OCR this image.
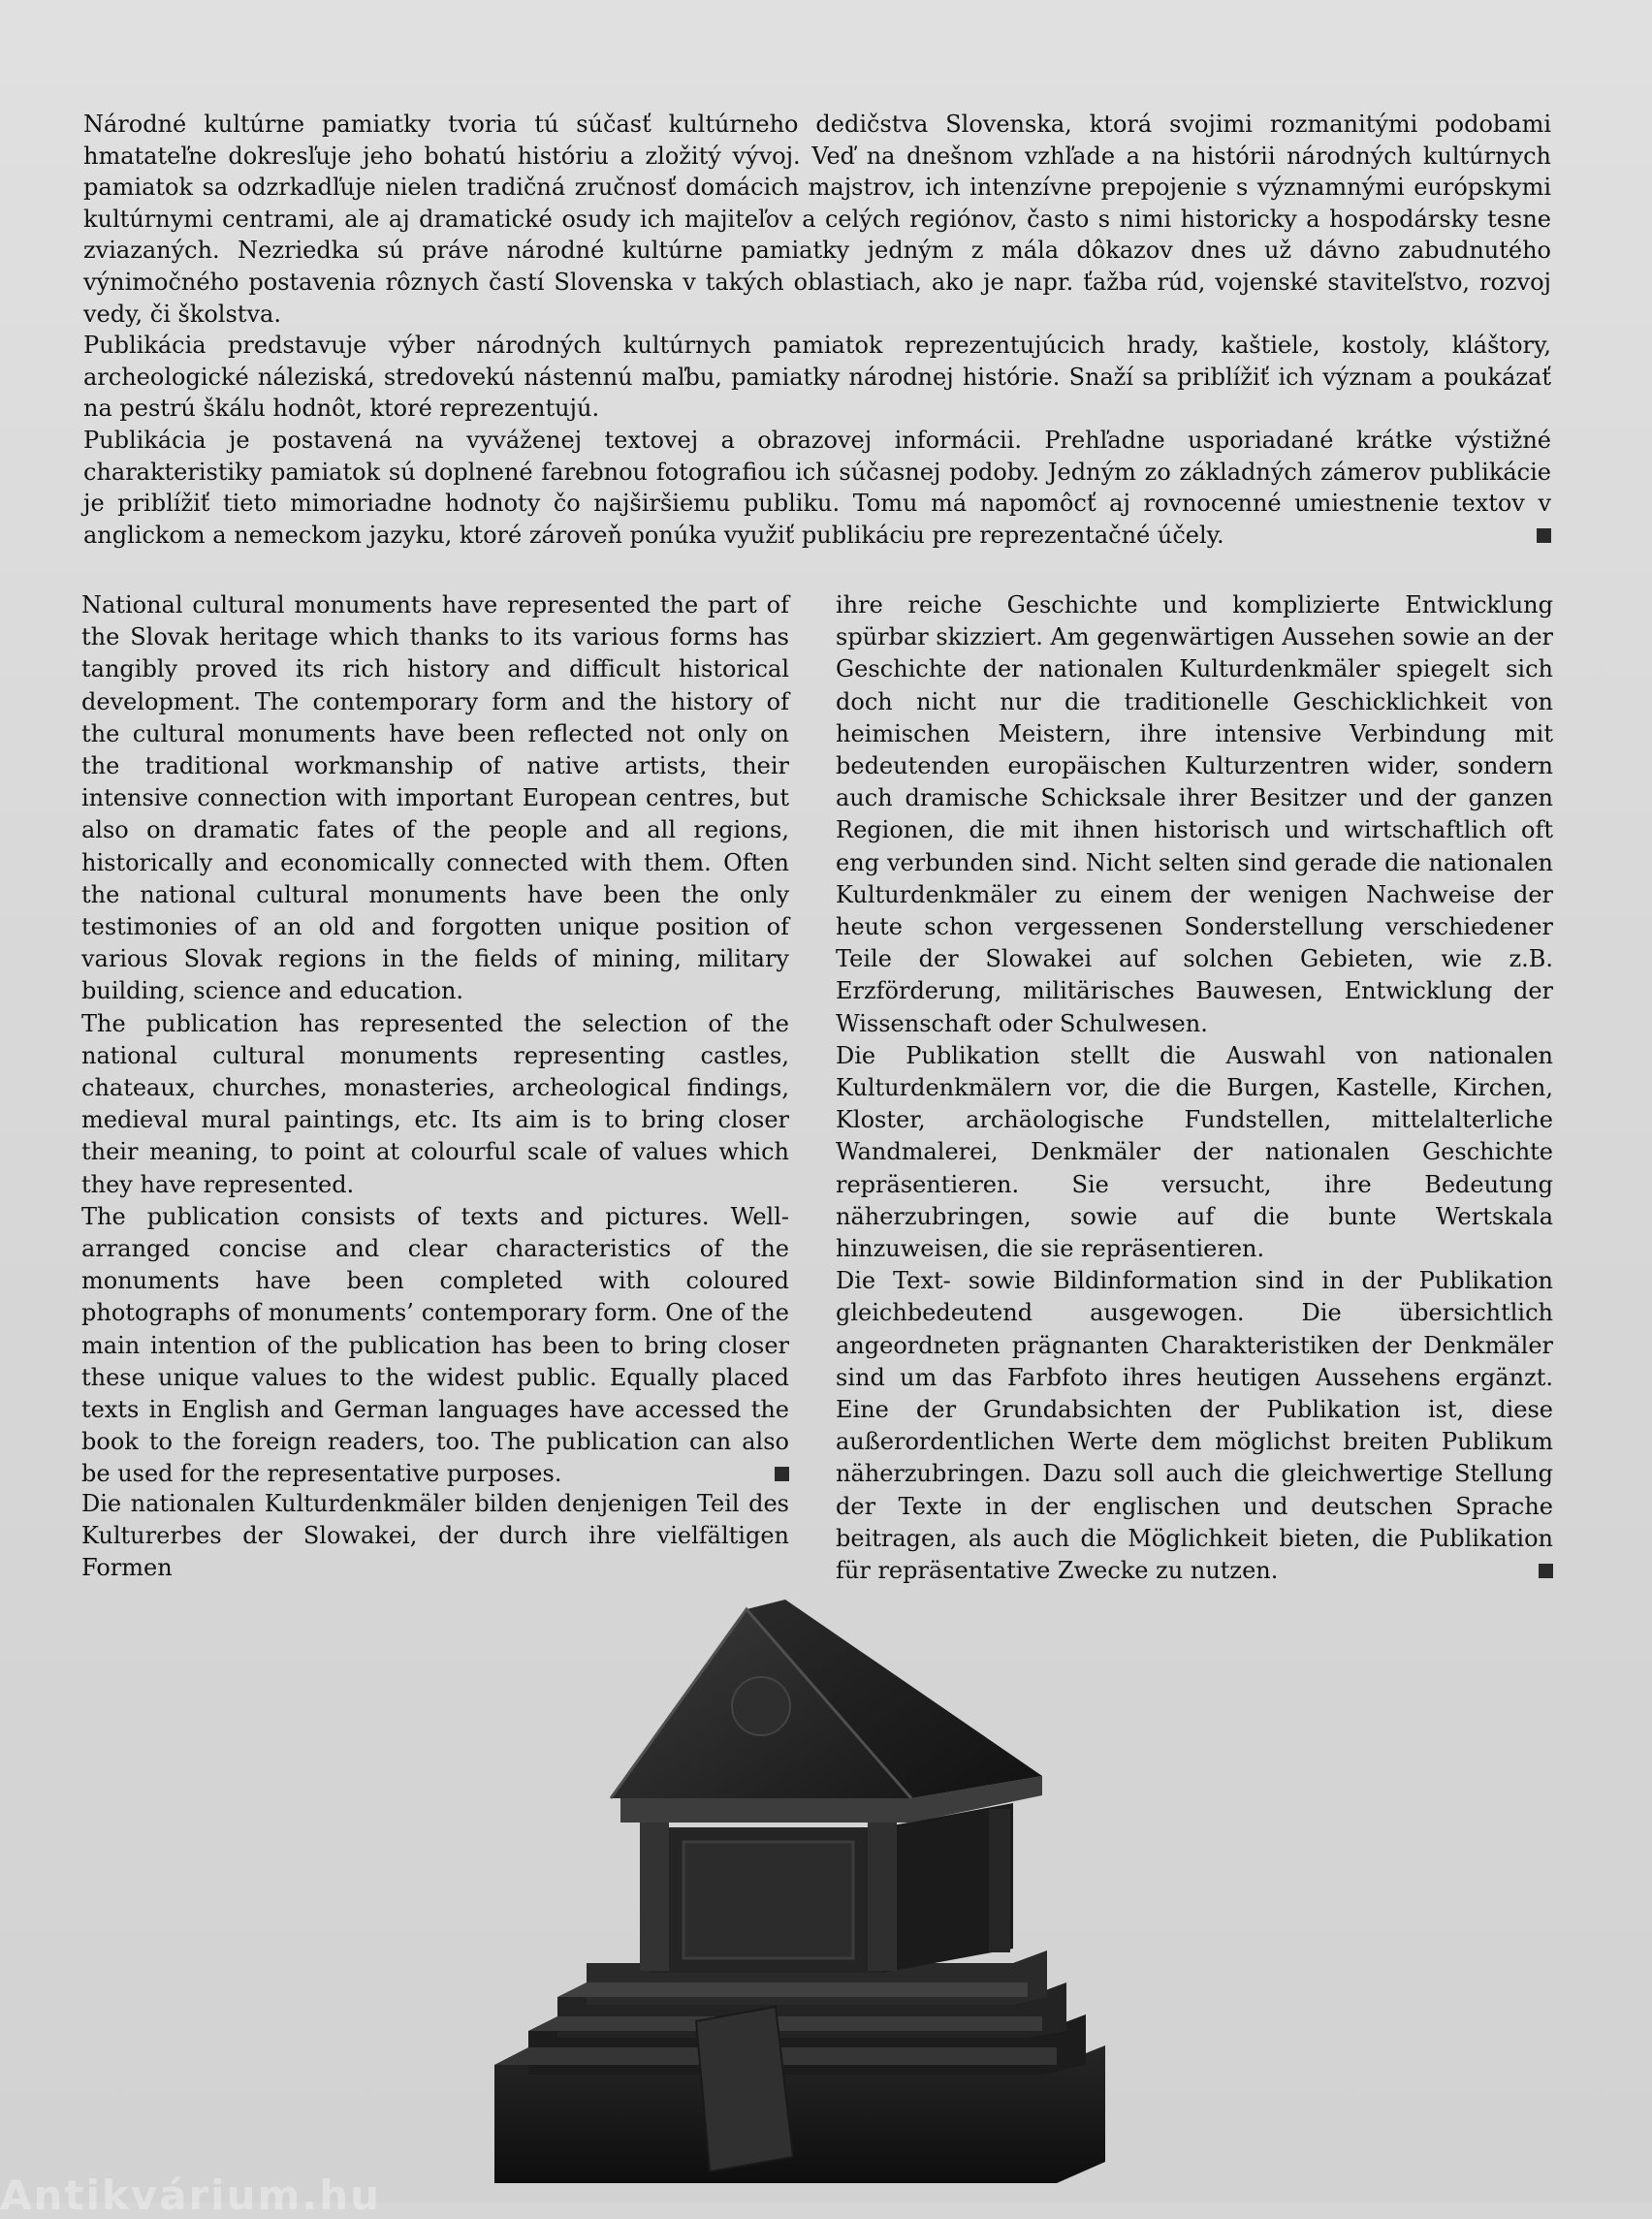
Národné kultúrne pamiatky tvoria tú súčasť kultúrneho dedičstva Slovenska, ktorá svojimi rozmanitými podobami hmatateľne dokresľuje jeho bohatú históriu a zložitý vývoj. Veď na dnešnom vzhľade a na histórii národných kultúrnych pamiatok sa odzrkadľuje nielen tradičná zručnosť domácich majstrov, ich intenzívne prepojenie s významnými európskymi kultúrnymi centrami, ale aj dramatické osudy ich majiteľov a celých regiónov, často s nimi historicky a hospodársky tesne zviazaných. Nezriedka sú práve národné kultúrne pamiatky jedným z mála dôkazov dnes už dávno zabudnutého výnimočného postavenia rôznych častí Slovenska v takých oblastiach, ako je napr. ťažba rúd, vojenské staviteľstvo, rozvoj vedy, či školstva.

Publikácia predstavuje výber národných kultúrnych pamiatok reprezentujúcich hrady, kaštiele, kostoly, kláštory, archeologické náleziská, stredovekú nástennú maľbu, pamiatky národnej histórie. Snaží sa priblížiť ich význam a poukázať na pestrú škálu hodnôt, ktoré reprezentujú.

Publikácia je postavená na vyváženej textovej a obrazovej informácii. Prehľadne usporiadané krátke výstižné charakteristiky pamiatok sú doplnené farebnou fotografiou ich súčasnej podoby. Jedným zo základných zámerov publikácie je priblížiť tieto mimoriadne hodnoty čo najširšiemu publiku. Tomu má napomôcť aj rovnocenné umiestnenie textov v anglickom a nemeckom jazyku, ktoré zároveň ponúka využiť publikáciu pre reprezentačné účely.

National cultural monuments have represented the part of the Slovak heritage which thanks to its various forms has tangibly proved its rich history and difficult historical development. The contemporary form and the history of the cultural monuments have been reflected not only on the traditional workmanship of native artists, their intensive connection with important European centres, but also on dramatic fates of the people and all regions, historically and economically connected with them. Often the national cultural monuments have been the only testimonies of an old and forgotten unique position of various Slovak regions in the fields of mining, military building, science and education.

The publication has represented the selection of the national cultural monuments representing castles, chateaux, churches, monasteries, archeological findings, medieval mural paintings, etc. Its aim is to bring closer their meaning, to point at colourful scale of values which they have represented.

The publication consists of texts and pictures. Well-arranged concise and clear characteristics of the monuments have been completed with coloured photographs of monuments’ contemporary form. One of the main intention of the publication has been to bring closer these unique values to the widest public. Equally placed texts in English and German languages have accessed the book to the foreign readers, too. The publication can also be used for the representative purposes.

Die nationalen Kulturdenkmäler bilden denjenigen Teil des Kulturerbes der Slowakei, der durch ihre vielfältigen Formen

ihre reiche Geschichte und komplizierte Entwicklung spürbar skizziert. Am gegenwärtigen Aussehen sowie an der Geschichte der nationalen Kulturdenkmäler spiegelt sich doch nicht nur die traditionelle Geschicklichkeit von heimischen Meistern, ihre intensive Verbindung mit bedeutenden europäischen Kulturzentren wider, sondern auch dramische Schicksale ihrer Besitzer und der ganzen Regionen, die mit ihnen historisch und wirtschaftlich oft eng verbunden sind. Nicht selten sind gerade die nationalen Kulturdenkmäler zu einem der wenigen Nachweise der heute schon vergessenen Sonderstellung verschiedener Teile der Slowakei auf solchen Gebieten, wie z.B. Erzförderung, militärisches Bauwesen, Entwicklung der Wissenschaft oder Schulwesen.

Die Publikation stellt die Auswahl von nationalen Kulturdenkmälern vor, die die Burgen, Kastelle, Kirchen, Kloster, archäologische Fundstellen, mittelalterliche Wandmalerei, Denkmäler der nationalen Geschichte repräsentieren. Sie versucht, ihre Bedeutung näherzubringen, sowie auf die bunte Wertskala hinzuweisen, die sie repräsentieren.

Die Text- sowie Bildinformation sind in der Publikation gleichbedeutend ausgewogen. Die übersichtlich angeordneten prägnanten Charakteristiken der Denkmäler sind um das Farbfoto ihres heutigen Aussehens ergänzt. Eine der Grundabsichten der Publikation ist, diese außerordentlichen Werte dem möglichst breiten Publikum näherzubringen. Dazu soll auch die gleichwertige Stellung der Texte in der englischen und deutschen Sprache beitragen, als auch die Möglichkeit bieten, die Publikation für repräsentative Zwecke zu nutzen.

Antikvárium.hu
